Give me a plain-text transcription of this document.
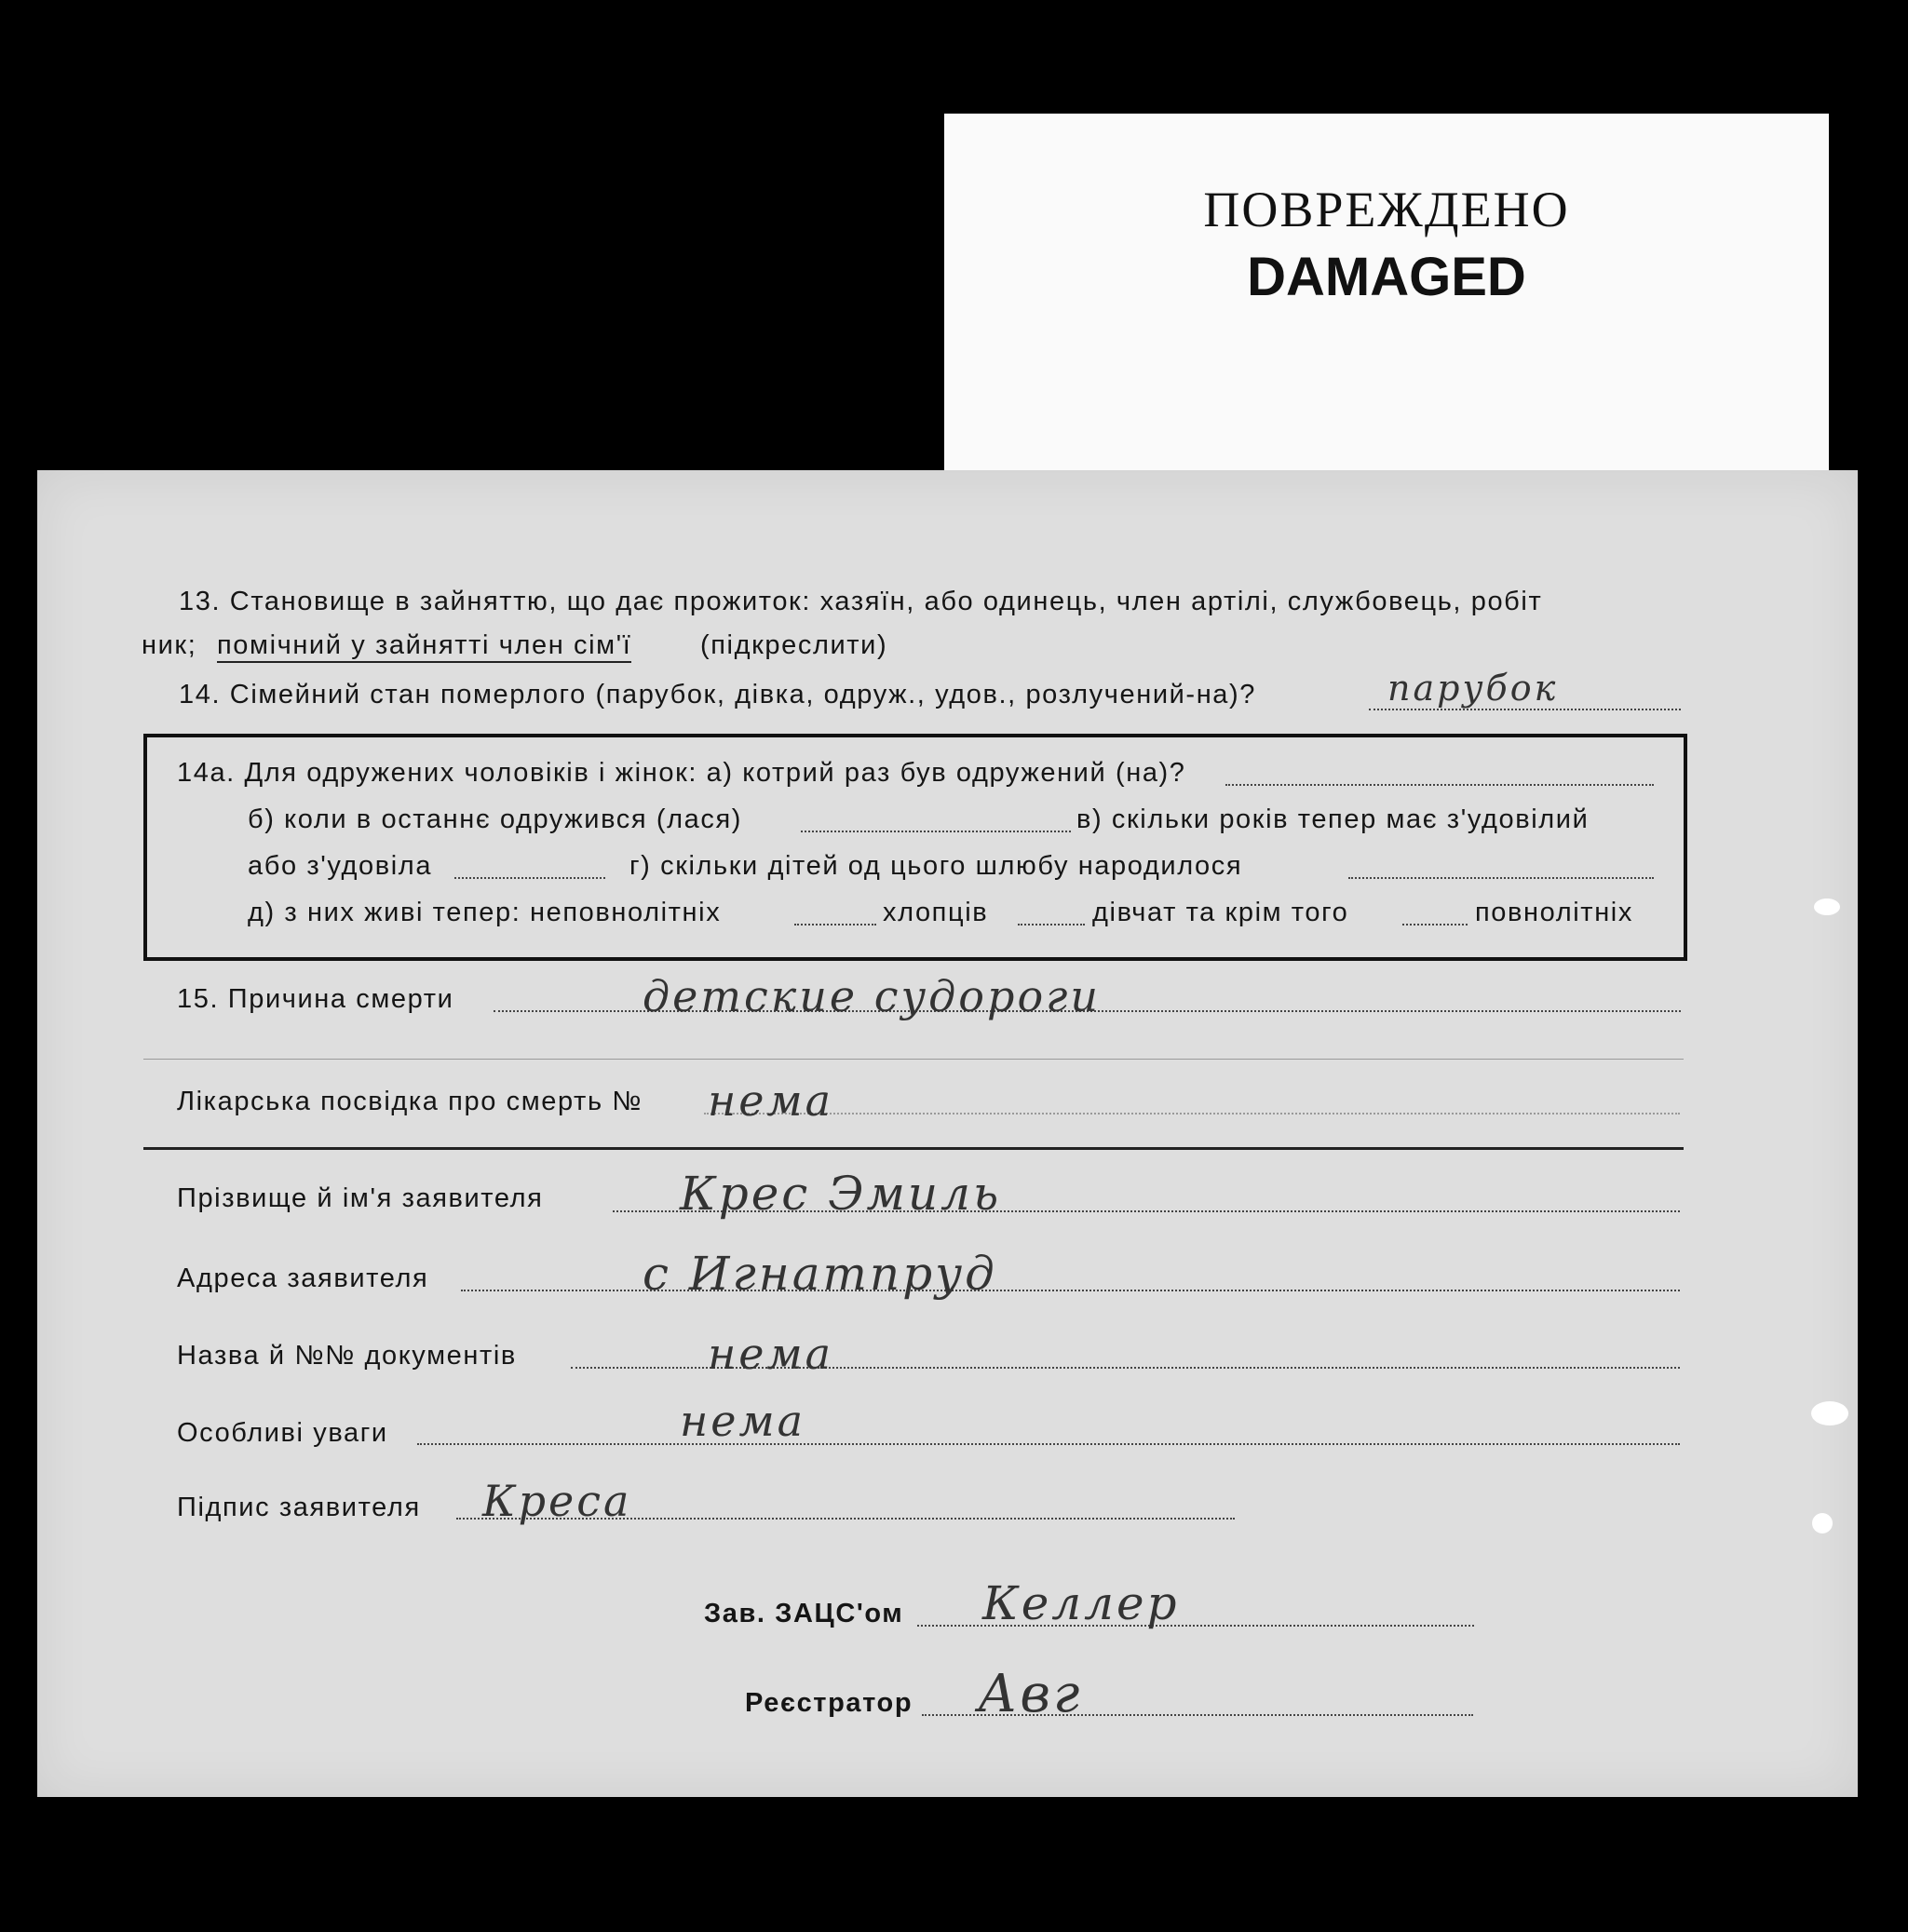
ПОВРЕЖДЕНО
DAMAGED
13. Становище в зайняттю, що дає прожиток: хазяїн, або одинець, член артілі, службовець, робіт
ник; помічний у зайнятті член сім'ї	(підкреслити)
14. Сімейний стан померлого (парубок, дівка, одруж., удов., розлучений-на)?	парубок
14а. Для одружених чоловіків і жінок: а) котрий раз був одружений (на)?
б) коли в останнє одружився (лася)	в) скільки років тепер має з'удовілий
або з'удовіла	г) скільки дітей од цього шлюбу народилося
д) з них живі тепер: неповнолітніх	хлопців	дівчат та крім того	повнолітніх
15. Причина смерти	детские судороги
Лікарська посвідка про смерть № нема
Прізвище й ім'я заявителя	Крес Эмиль
Адреса заявителя	с Игнатпруд
Назва й №№ документів	нема
Особливі уваги	нема
Підпис заявителя Креса
Зав. ЗАЦС'ом Келлер
Реєстратор Авг
